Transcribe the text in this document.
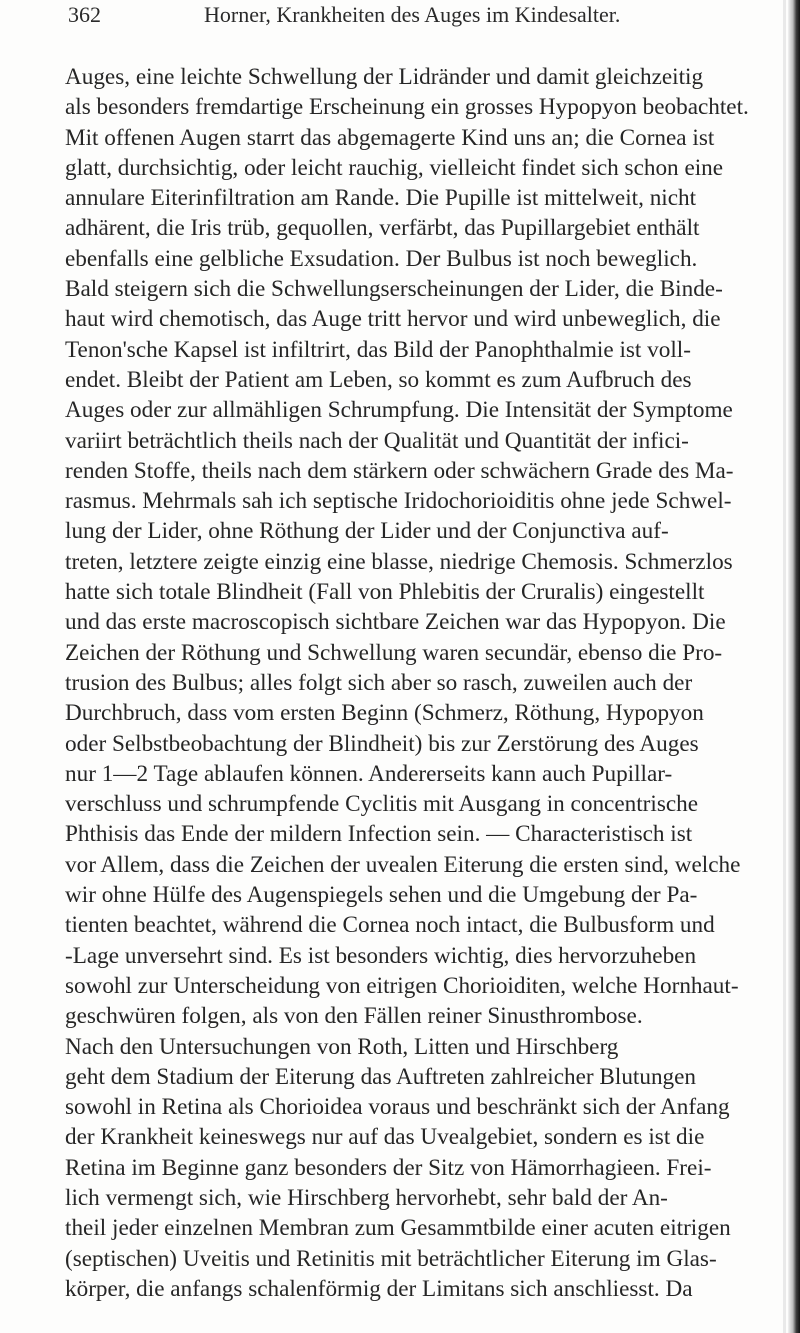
362	Horner, Krankheiten des Auges im Kindesalter.
Auges, eine leichte Schwellung der Lidränder und damit gleichzeitig
als besonders fremdartige Erscheinung ein grosses Hypopyon beobachtet.
Mit offenen Augen starrt das abgemagerte Kind uns an; die Cornea ist
glatt, durchsichtig, oder leicht rauchig, vielleicht findet sich schon eine
annulare Eiterinfiltration am Rande. Die Pupille ist mittelweit, nicht
adhärent, die Iris trüb, gequollen, verfärbt, das Pupillargebiet enthält
ebenfalls eine gelbliche Exsudation. Der Bulbus ist noch beweglich.
Bald steigern sich die Schwellungserscheinungen der Lider, die Binde-
haut wird chemotisch, das Auge tritt hervor und wird unbeweglich, die
Tenon'sche Kapsel ist infiltrirt, das Bild der Panophthalmie ist voll-
endet. Bleibt der Patient am Leben, so kommt es zum Aufbruch des
Auges oder zur allmähligen Schrumpfung. Die Intensität der Symptome
variirt beträchtlich theils nach der Qualität und Quantität der infici-
renden Stoffe, theils nach dem stärkern oder schwächern Grade des Ma-
rasmus. Mehrmals sah ich septische Iridochorioiditis ohne jede Schwel-
lung der Lider, ohne Röthung der Lider und der Conjunctiva auf-
treten, letztere zeigte einzig eine blasse, niedrige Chemosis. Schmerzlos
hatte sich totale Blindheit (Fall von Phlebitis der Cruralis) eingestellt
und das erste macroscopisch sichtbare Zeichen war das Hypopyon. Die
Zeichen der Röthung und Schwellung waren secundär, ebenso die Pro-
trusion des Bulbus; alles folgt sich aber so rasch, zuweilen auch der
Durchbruch, dass vom ersten Beginn (Schmerz, Röthung, Hypopyon
oder Selbstbeobachtung der Blindheit) bis zur Zerstörung des Auges
nur 1—2 Tage ablaufen können. Andererseits kann auch Pupillar-
verschluss und schrumpfende Cyclitis mit Ausgang in concentrische
Phthisis das Ende der mildern Infection sein. — Characteristisch ist
vor Allem, dass die Zeichen der uvealen Eiterung die ersten sind, welche
wir ohne Hülfe des Augenspiegels sehen und die Umgebung der Pa-
tienten beachtet, während die Cornea noch intact, die Bulbusform und
-Lage unversehrt sind. Es ist besonders wichtig, dies hervorzuheben
sowohl zur Unterscheidung von eitrigen Chorioiditen, welche Hornhaut-
geschwüren folgen, als von den Fällen reiner Sinusthrombose.
Nach den Untersuchungen von Roth, Litten und Hirschberg
geht dem Stadium der Eiterung das Auftreten zahlreicher Blutungen
sowohl in Retina als Chorioidea voraus und beschränkt sich der Anfang
der Krankheit keineswegs nur auf das Uvealgebiet, sondern es ist die
Retina im Beginne ganz besonders der Sitz von Hämorrhagieen. Frei-
lich vermengt sich, wie Hirschberg hervorhebt, sehr bald der An-
theil jeder einzelnen Membran zum Gesammtbilde einer acuten eitrigen
(septischen) Uveitis und Retinitis mit beträchtlicher Eiterung im Glas-
körper, die anfangs schalenförmig der Limitans sich anschliesst. Da
